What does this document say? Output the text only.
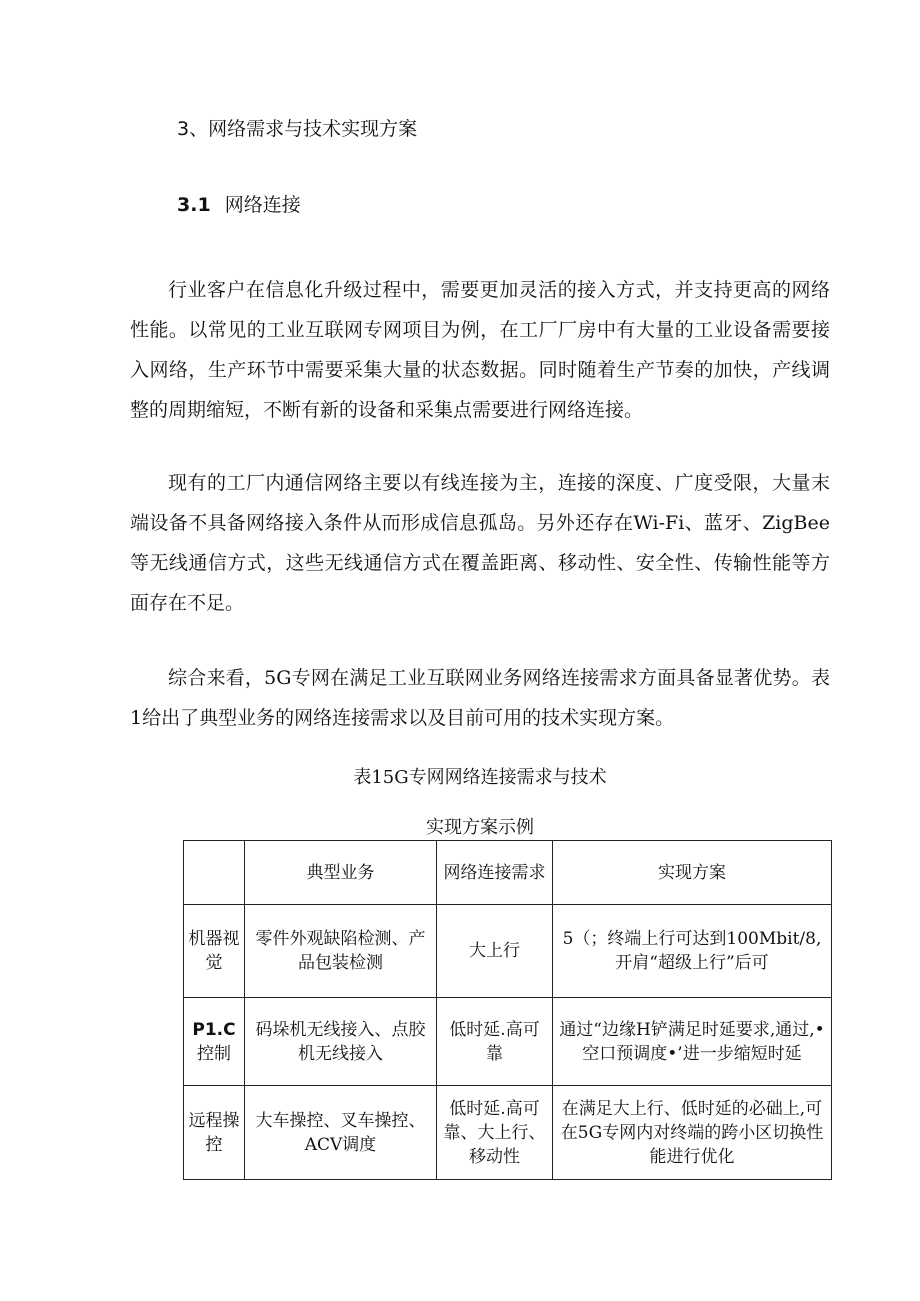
3、网络需求与技术实现方案
3.1 网络连接

行业客户在信息化升级过程中，需要更加灵活的接入方式，并支持更高的网络性能。以常见的工业互联网专网项目为例，在工厂厂房中有大量的工业设备需要接入网络，生产环节中需要采集大量的状态数据。同时随着生产节奏的加快，产线调整的周期缩短，不断有新的设备和采集点需要进行网络连接。

现有的工厂内通信网络主要以有线连接为主，连接的深度、广度受限，大量末端设备不具备网络接入条件从而形成信息孤岛。另外还存在Wi-Fi、蓝牙、ZigBee等无线通信方式，这些无线通信方式在覆盖距离、移动性、安全性、传输性能等方面存在不足。

综合来看，5G专网在满足工业互联网业务网络连接需求方面具备显著优势。表1给出了典型业务的网络连接需求以及目前可用的技术实现方案。

表15G专网网络连接需求与技术
实现方案示例
	典型业务	网络连接需求	实现方案

机器视觉	零件外观缺陷检测、产品包装检测	大上行	5（；终端上行可达到100Mbit/8,开肩“超级上行”后可

P1.C
控制	码垛机无线接入、点胶机无线接入	低时延.高可靠	通过“边缘H铲满足时延要求,通过,•空口预调度•’进一步缩短时延

远程操控	大车操控、叉车操控、ACV调度	低时延.高可靠、大上行、移动性	在满足大上行、低时延的必础上,可在5G专网内对终端的跨小区切换性能进行优化
